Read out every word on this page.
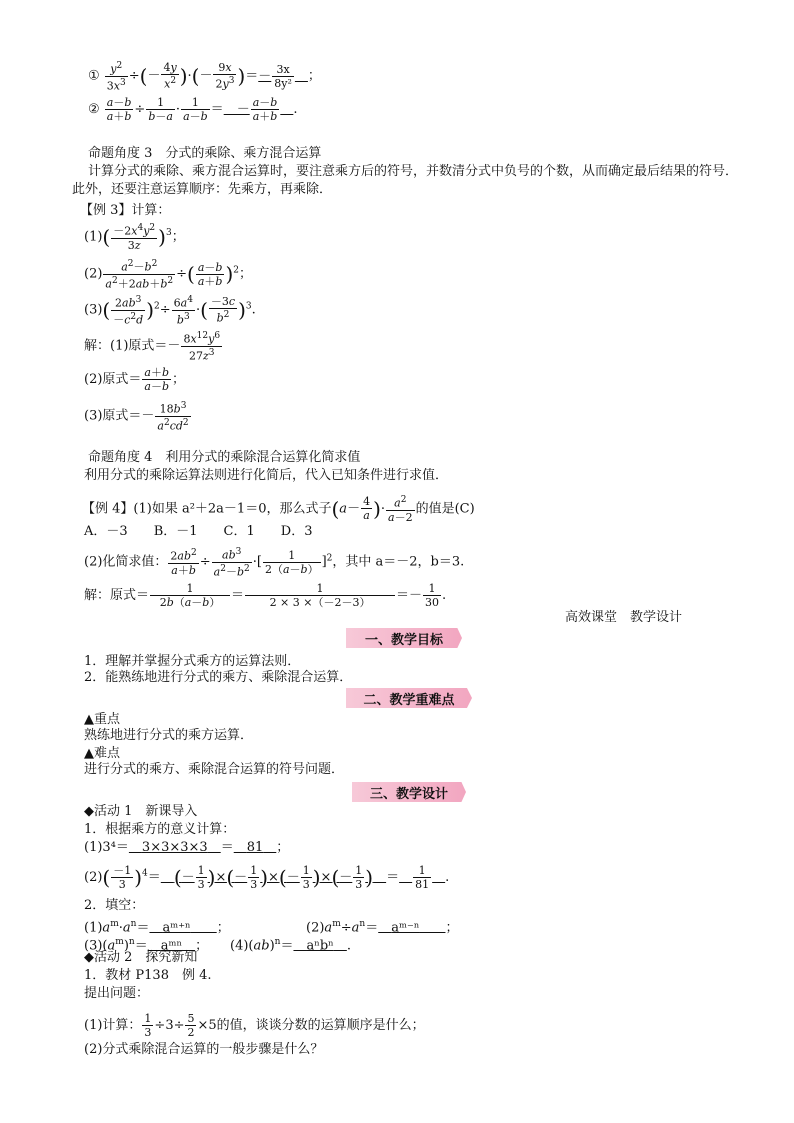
① $\frac{y^2}{3x^3}$ ÷(－ $\frac{4y}{x^2}$ )·(－ $\frac{9x}{2y^3}$ )＝－ $\frac{3x}{\text{8y²}}$
　 ；
② $\frac{a-b}{a+b} \div \frac{1}{b-a} \cdot \frac{1}{a-b}$ ＝　－ $\frac{a-b}{a+b}$
　 .
命题角度 3　分式的乘除、乘方混合运算
计算分式的乘除、乘方混合运算时，要注意乘方后的符号，并数清分式中负号的个数，从而确定最后结果的符号．此外，还要注意运算顺序：先乘方，再乘除．
【例 3】计算：
$(1)( \frac{-2x^4y^2}{3z} )^3$；
$(2) \frac{a^2-b^2}{a^2+2ab+b^2}$ ÷( $\frac{a-b}{a+b} )^2$；
$(3)( \frac{2ab^3}{-c^2d} )^2\div \frac{6a^4}{b^3}$ ·( $\frac{-3c}{b^2} )^3$.
解：(1)原式＝－ $\frac{8x^{12}y^6}{27z^3}$
(2)原式＝ $\frac{a+b}{a-b}$ ；
(3)原式＝－ $\frac{18b^3}{a^2cd^2}$
命题角度 4　利用分式的乘除混合运算化简求值
利用分式的乘除运算法则进行化简后，代入已知条件进行求值．
【例 4】(1)如果 a²＋2a－1＝0，那么式子($a- \frac{4}{a}$ )· $\frac{a^2}{a-2}$ 的值是(C)
A．－3　　 B．－1　　 C．1　　 D．3
(2)化简求值： $\frac{2ab^2}{a+b} \div \frac{ab^3}{a^2-b^2}$ ·[ $\frac{1}{2(a-b)} ]^2$，其中 a＝－2，b＝3.
解：原式＝ $\frac{1}{2b(a-b)} = \frac{1}{2 \times 3 \times(-2-3)} =- \frac{1}{30}$ .
高效课堂　教学设计
一、教学目标
1．理解并掌握分式乘方的运算法则．
2．能熟练地进行分式的乘方、乘除混合运算．
二、教学重难点
▲重点
熟练地进行分式的乘方运算．
▲难点
进行分式的乘方、乘除混合运算的符号问题．
三、教学设计
◆活动 1　新课导入
1．根据乘方的意义计算：
(1)3⁴＝　 3×3×3×3　 ＝　 81　 ；
$(2)( \frac{-1}{3} )^4=$　 (－ $\frac{1}{3}$ )×(－ $\frac{1}{3}$ )×(－ $\frac{1}{3}$ )×(－ $\frac{1}{3}$ )　 ＝　 $\frac{1}{81}$
　 .
2．填空：
$(1)a^m\cdot a^n=$　 aᵐ⁺ⁿ　　 ；	$(2)a^m\div a^n=$　 aᵐ⁻ⁿ　　 ；
$(3)(a^m)^n=$　 aᵐⁿ　 ； (4)(ab)$^n$＝　 aⁿbⁿ　 .
◆活动 2　探究新知
1．教材 P138　例 4.
提出问题：
(1)计算： $\frac{1}{3} \div 3\div \frac{5}{2} \times 5$的值，谈谈分数的运算顺序是什么；
(2)分式乘除混合运算的一般步骤是什么？
